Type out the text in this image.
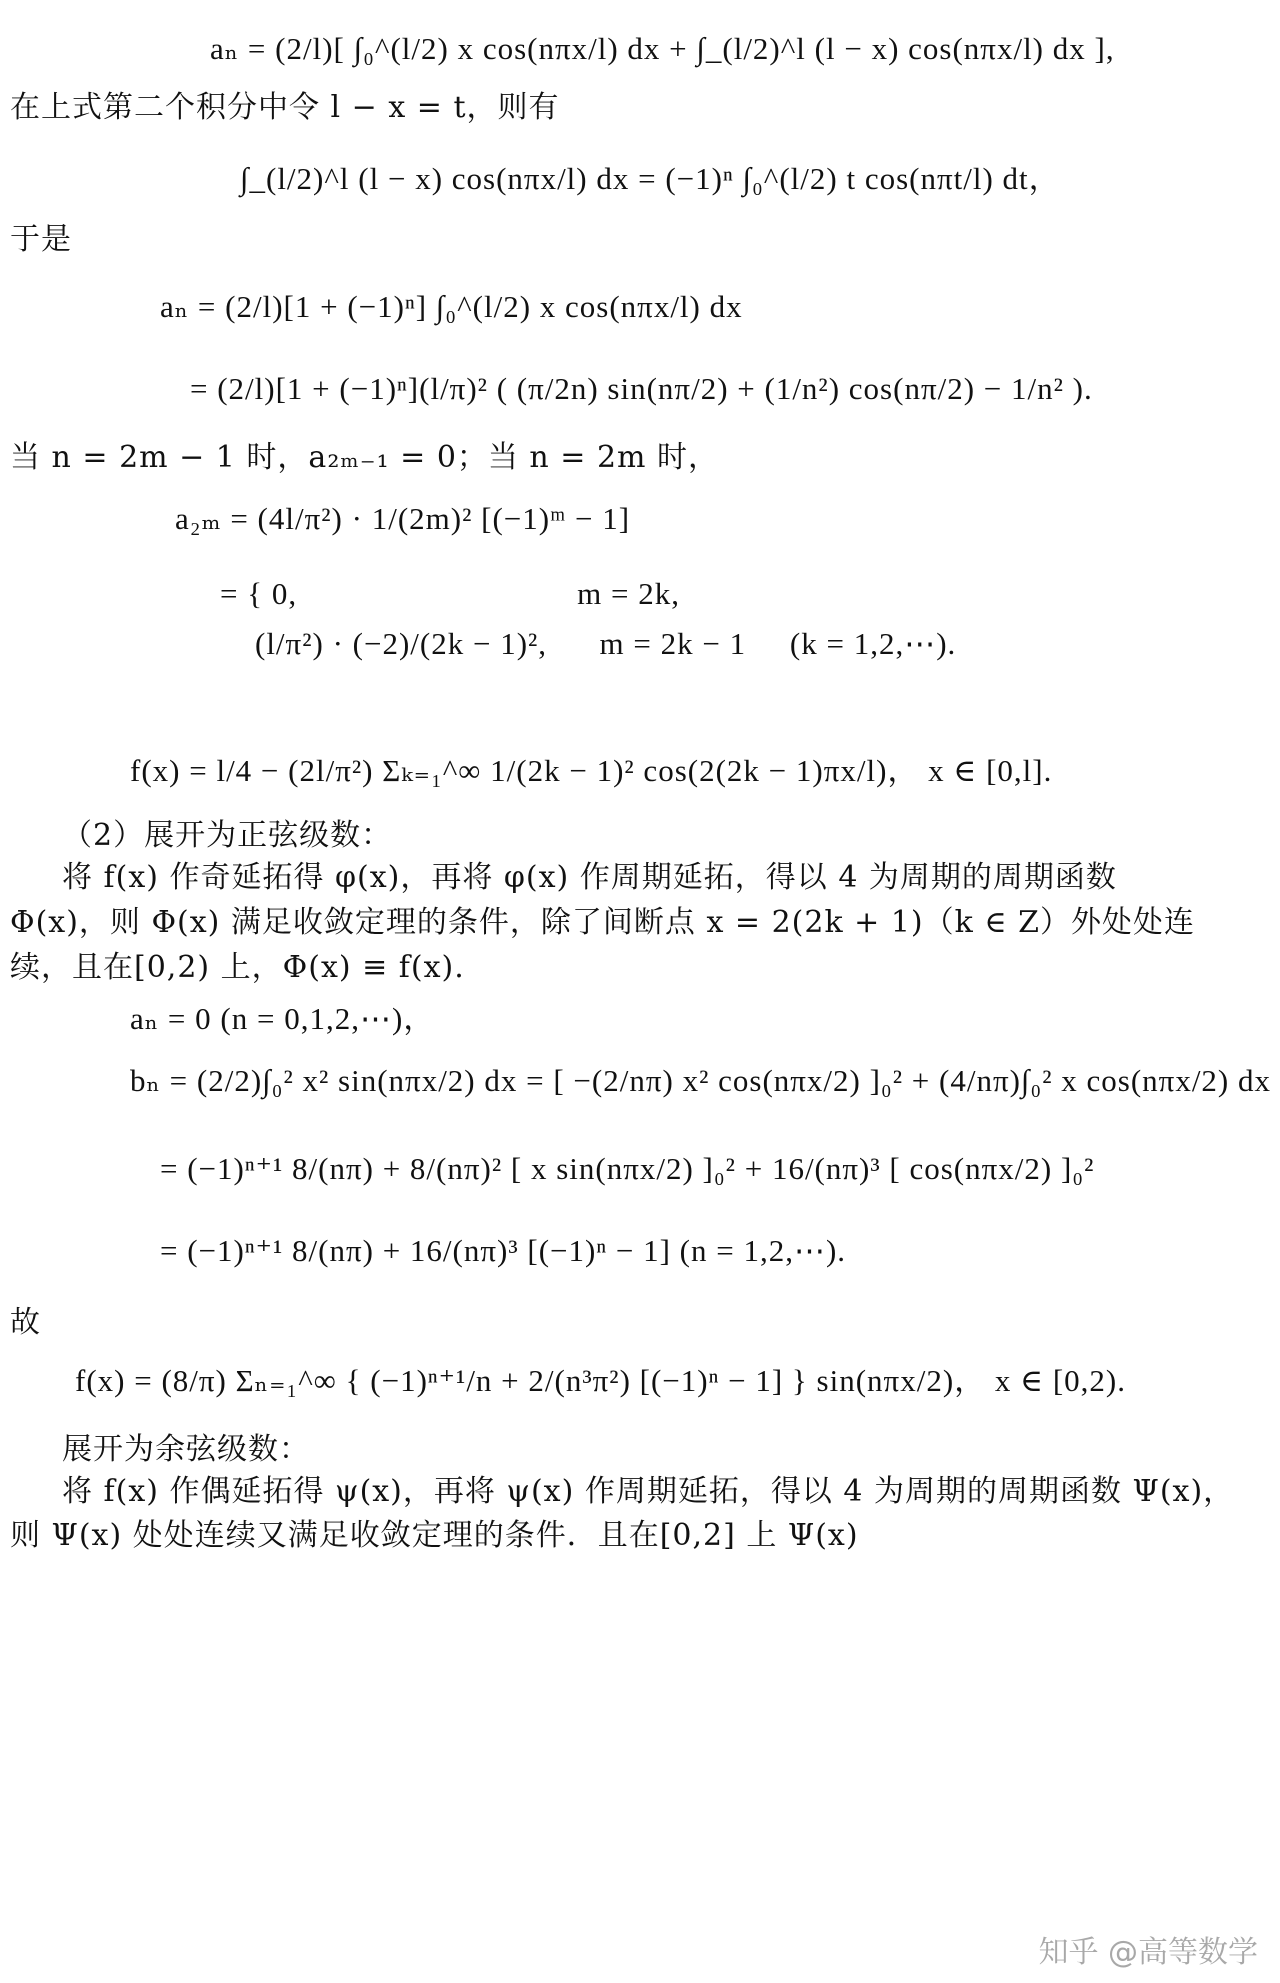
aₙ = (2/l)[ ∫₀^(l/2) x cos(nπx/l) dx + ∫_(l/2)^l (l − x) cos(nπx/l) dx ],
在上式第二个积分中令 l − x = t，则有
∫_(l/2)^l (l − x) cos(nπx/l) dx = (−1)ⁿ ∫₀^(l/2) t cos(nπt/l) dt，
于是
aₙ = (2/l)[1 + (−1)ⁿ] ∫₀^(l/2) x cos(nπx/l) dx
= (2/l)[1 + (−1)ⁿ](l/π)² ( (π/2n) sin(nπ/2) + (1/n²) cos(nπ/2) − 1/n² ).
当 n = 2m − 1 时，a₂ₘ₋₁ = 0；当 n = 2m 时，
a₂ₘ = (4l/π²) · 1/(2m)² [(−1)ᵐ − 1]
= { 0,                                m = 2k,
(l/π²) · (−2)/(2k − 1)²,      m = 2k − 1     (k = 1,2,⋯).
f(x) = l/4 − (2l/π²) Σₖ₌₁^∞ 1/(2k − 1)² cos(2(2k − 1)πx/l)， x ∈ [0,l].
（2）展开为正弦级数：
将 f(x) 作奇延拓得 φ(x)，再将 φ(x) 作周期延拓，得以 4 为周期的周期函数
Φ(x)，则 Φ(x) 满足收敛定理的条件，除了间断点 x = 2(2k + 1)（k ∈ Z）外处处连
续，且在[0,2) 上，Φ(x) ≡ f(x).
aₙ = 0 (n = 0,1,2,⋯)，
bₙ = (2/2)∫₀² x² sin(nπx/2) dx = [ −(2/nπ) x² cos(nπx/2) ]₀² + (4/nπ)∫₀² x cos(nπx/2) dx
= (−1)ⁿ⁺¹ 8/(nπ) + 8/(nπ)² [ x sin(nπx/2) ]₀² + 16/(nπ)³ [ cos(nπx/2) ]₀²
= (−1)ⁿ⁺¹ 8/(nπ) + 16/(nπ)³ [(−1)ⁿ − 1] (n = 1,2,⋯).
故
f(x) = (8/π) Σₙ₌₁^∞ { (−1)ⁿ⁺¹/n + 2/(n³π²) [(−1)ⁿ − 1] } sin(nπx/2)， x ∈ [0,2).
展开为余弦级数：
将 f(x) 作偶延拓得 ψ(x)，再将 ψ(x) 作周期延拓，得以 4 为周期的周期函数 Ψ(x)，
则 Ψ(x) 处处连续又满足收敛定理的条件．且在[0,2] 上 Ψ(x)
知乎 @高等数学
